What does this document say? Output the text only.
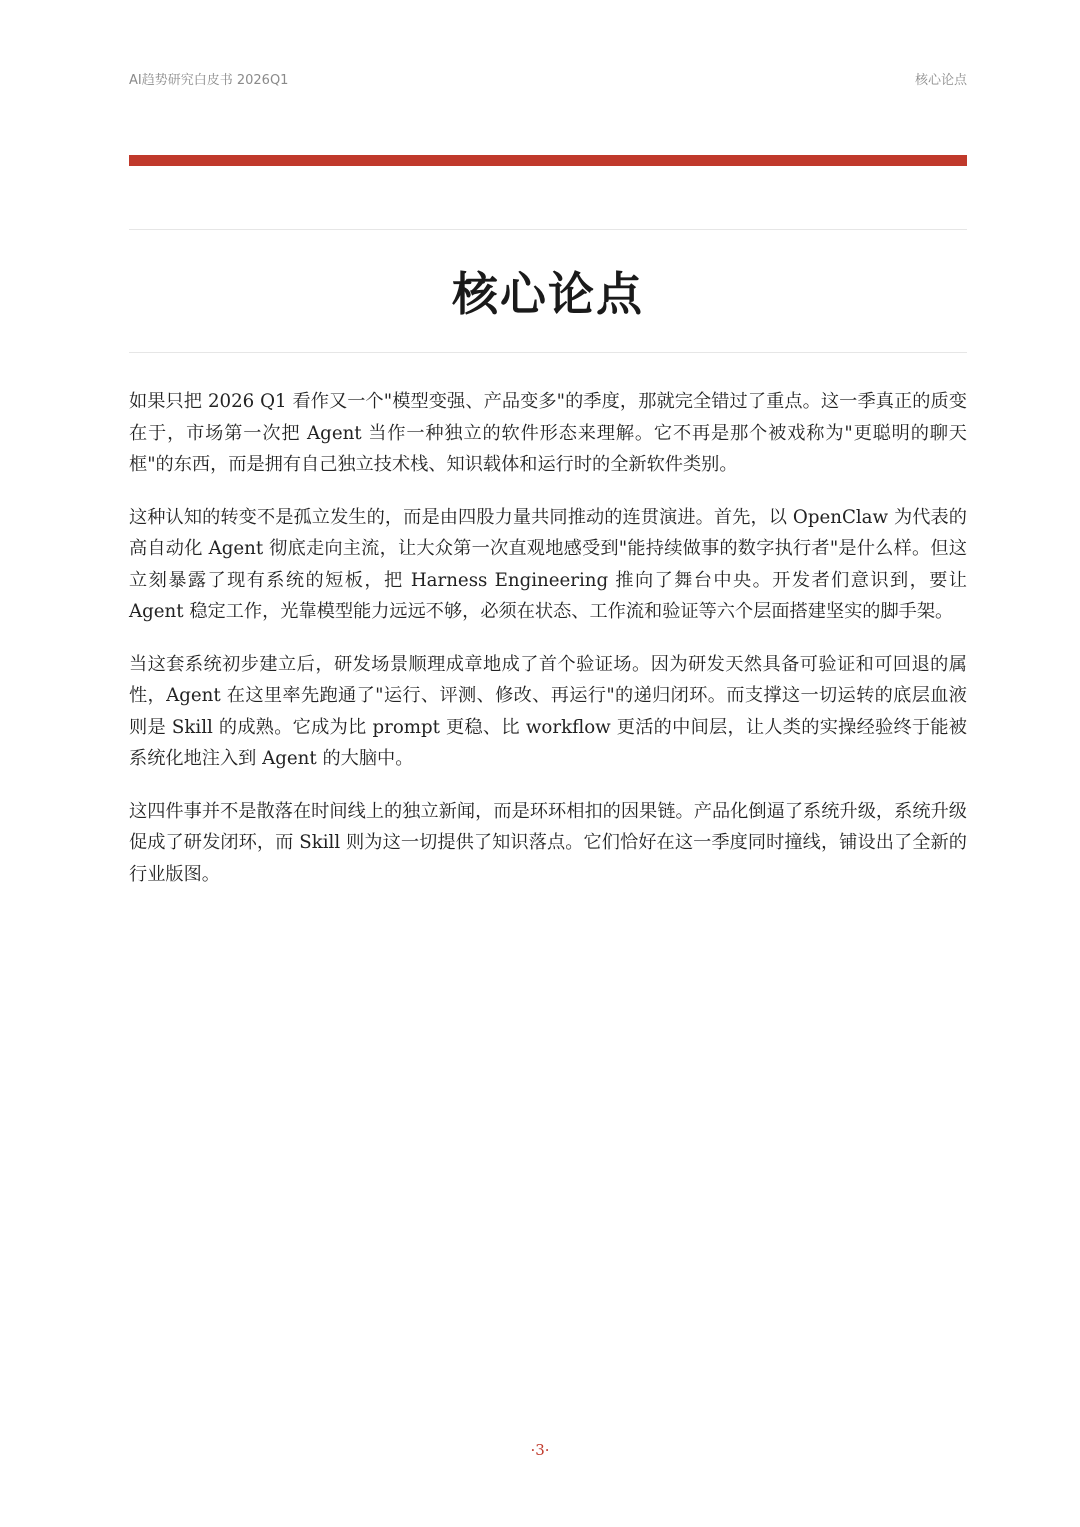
AI趋势研究白皮书 2026Q1	核心论点
核心论点

如果只把 2026 Q1 看作又一个"模型变强、产品变多"的季度，那就完全错过了重点。这一季真正的质变在于，市场第一次把 Agent 当作一种独立的软件形态来理解。它不再是那个被戏称为"更聪明的聊天框"的东西，而是拥有自己独立技术栈、知识载体和运行时的全新软件类别。

这种认知的转变不是孤立发生的，而是由四股力量共同推动的连贯演进。首先，以 OpenClaw 为代表的高自动化 Agent 彻底走向主流，让大众第一次直观地感受到"能持续做事的数字执行者"是什么样。但这立刻暴露了现有系统的短板，把 Harness Engineering 推向了舞台中央。开发者们意识到，要让 Agent 稳定工作，光靠模型能力远远不够，必须在状态、工作流和验证等六个层面搭建坚实的脚手架。

当这套系统初步建立后，研发场景顺理成章地成了首个验证场。因为研发天然具备可验证和可回退的属性，Agent 在这里率先跑通了"运行、评测、修改、再运行"的递归闭环。而支撑这一切运转的底层血液则是 Skill 的成熟。它成为比 prompt 更稳、比 workflow 更活的中间层，让人类的实操经验终于能被系统化地注入到 Agent 的大脑中。

这四件事并不是散落在时间线上的独立新闻，而是环环相扣的因果链。产品化倒逼了系统升级，系统升级促成了研发闭环，而 Skill 则为这一切提供了知识落点。它们恰好在这一季度同时撞线，铺设出了全新的行业版图。

·3·
